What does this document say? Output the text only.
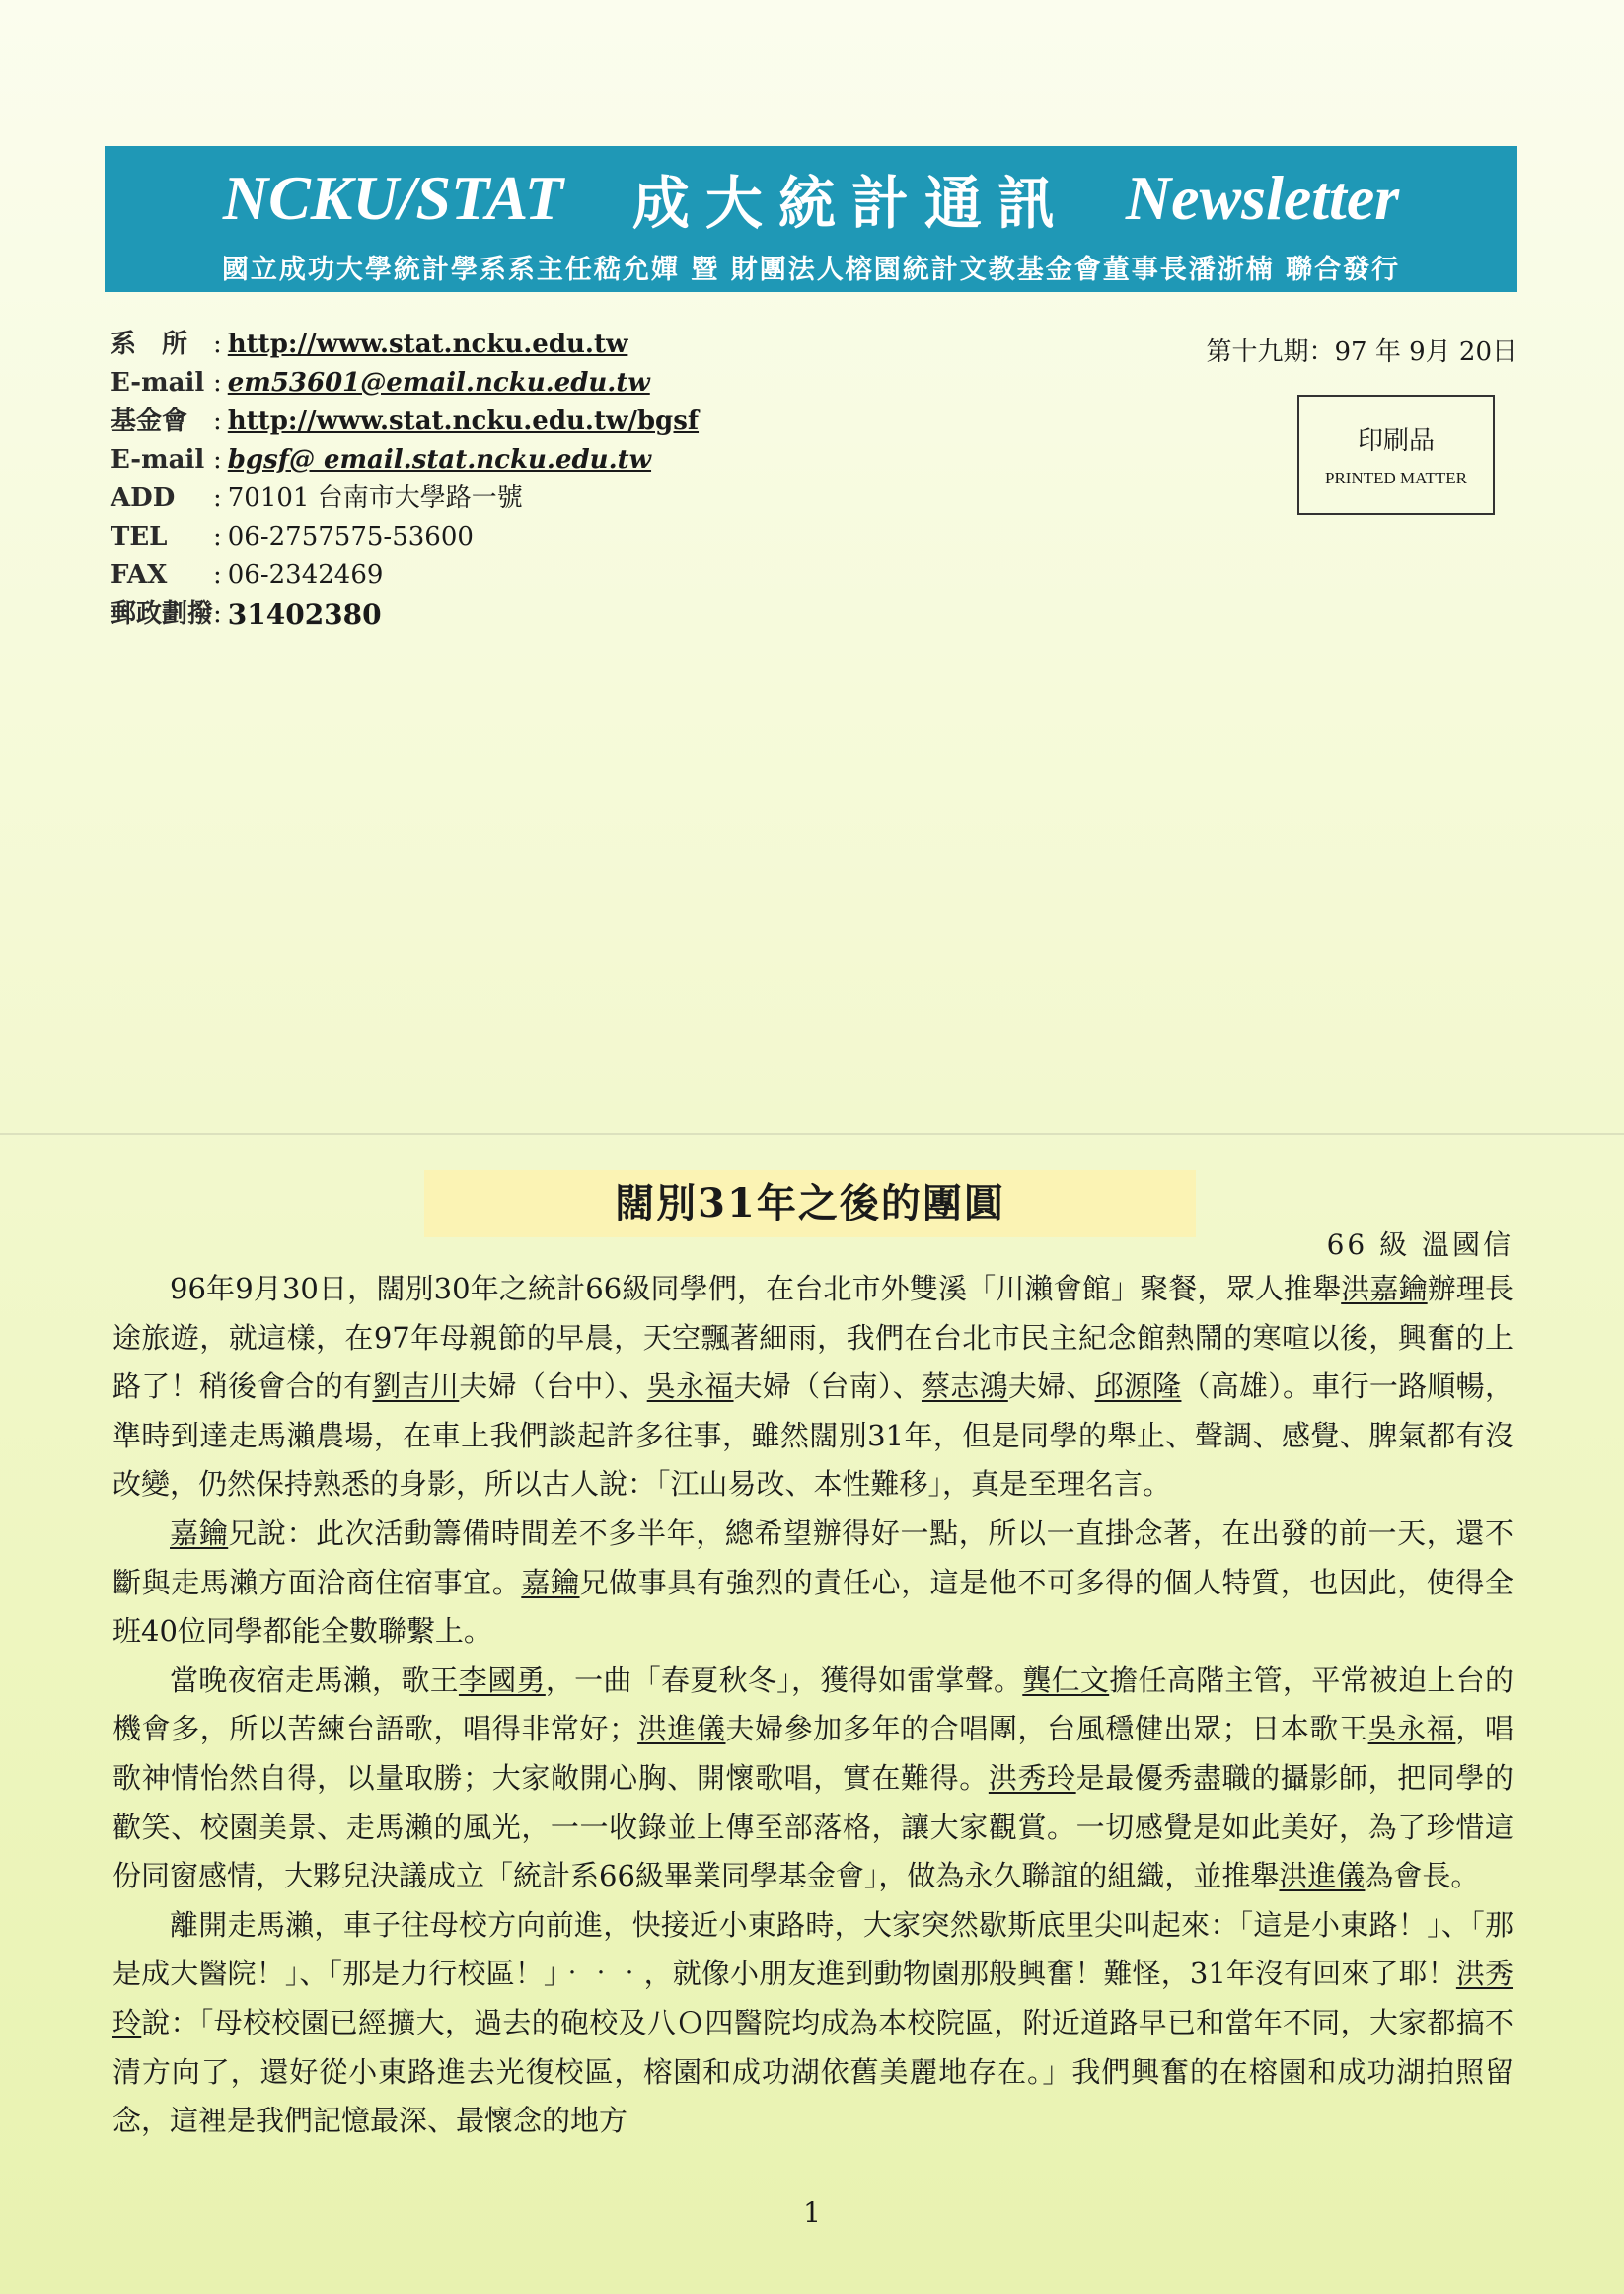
NCKU/STAT 成大統計通訊 Newsletter
國立成功大學統計學系系主任嵇允嬋 暨 財團法人榕園統計文教基金會董事長潘浙楠 聯合發行
系　所 : http://www.stat.ncku.edu.tw
E-mail : em53601@email.ncku.edu.tw
基金會 : http://www.stat.ncku.edu.tw/bgsf
E-mail : bgsf@ email.stat.ncku.edu.tw
ADD	: 70101 台南市大學路一號
TEL	: 06-2757575-53600
FAX	: 06-2342469
郵政劃撥 : 31402380
第十九期：97 年 9月 20日
印刷品
PRINTED MATTER
闊別31年之後的團圓
66 級 溫國信

96年9月30日，闊別30年之統計66級同學們，在台北市外雙溪「川瀨會館」聚餐，眾人推舉洪嘉鑰辦理長途旅遊，就這樣，在97年母親節的早晨，天空飄著細雨，我們在台北市民主紀念館熱鬧的寒喧以後，興奮的上路了！稍後會合的有劉吉川夫婦（台中）、吳永福夫婦（台南）、蔡志鴻夫婦、邱源隆（高雄）。車行一路順暢，準時到達走馬瀨農場，在車上我們談起許多往事，雖然闊別31年，但是同學的舉止、聲調、感覺、脾氣都有沒改變，仍然保持熟悉的身影，所以古人說：「江山易改、本性難移」，真是至理名言。

嘉鑰兄說：此次活動籌備時間差不多半年，總希望辦得好一點，所以一直掛念著，在出發的前一天，還不斷與走馬瀨方面洽商住宿事宜。嘉鑰兄做事具有強烈的責任心，這是他不可多得的個人特質，也因此，使得全班40位同學都能全數聯繫上。

當晚夜宿走馬瀨，歌王李國勇，一曲「春夏秋冬」，獲得如雷掌聲。龔仁文擔任高階主管，平常被迫上台的機會多，所以苦練台語歌，唱得非常好；洪進儀夫婦參加多年的合唱團，台風穩健出眾；日本歌王吳永福，唱歌神情怡然自得，以量取勝；大家敞開心胸、開懷歌唱，實在難得。洪秀玲是最優秀盡職的攝影師，把同學的歡笑、校園美景、走馬瀨的風光，一一收錄並上傳至部落格，讓大家觀賞。一切感覺是如此美好，為了珍惜這份同窗感情，大夥兒決議成立「統計系66級畢業同學基金會」，做為永久聯誼的組織，並推舉洪進儀為會長。

離開走馬瀨，車子往母校方向前進，快接近小東路時，大家突然歇斯底里尖叫起來：「這是小東路！」、「那是成大醫院！」、「那是力行校區！」‧‧‧，就像小朋友進到動物園那般興奮！難怪，31年沒有回來了耶！洪秀玲說：「母校校園已經擴大，過去的砲校及八Ｏ四醫院均成為本校院區，附近道路早已和當年不同，大家都搞不清方向了，還好從小東路進去光復校區，榕園和成功湖依舊美麗地存在。」我們興奮的在榕園和成功湖拍照留念，這裡是我們記憶最深、最懷念的地方

1
